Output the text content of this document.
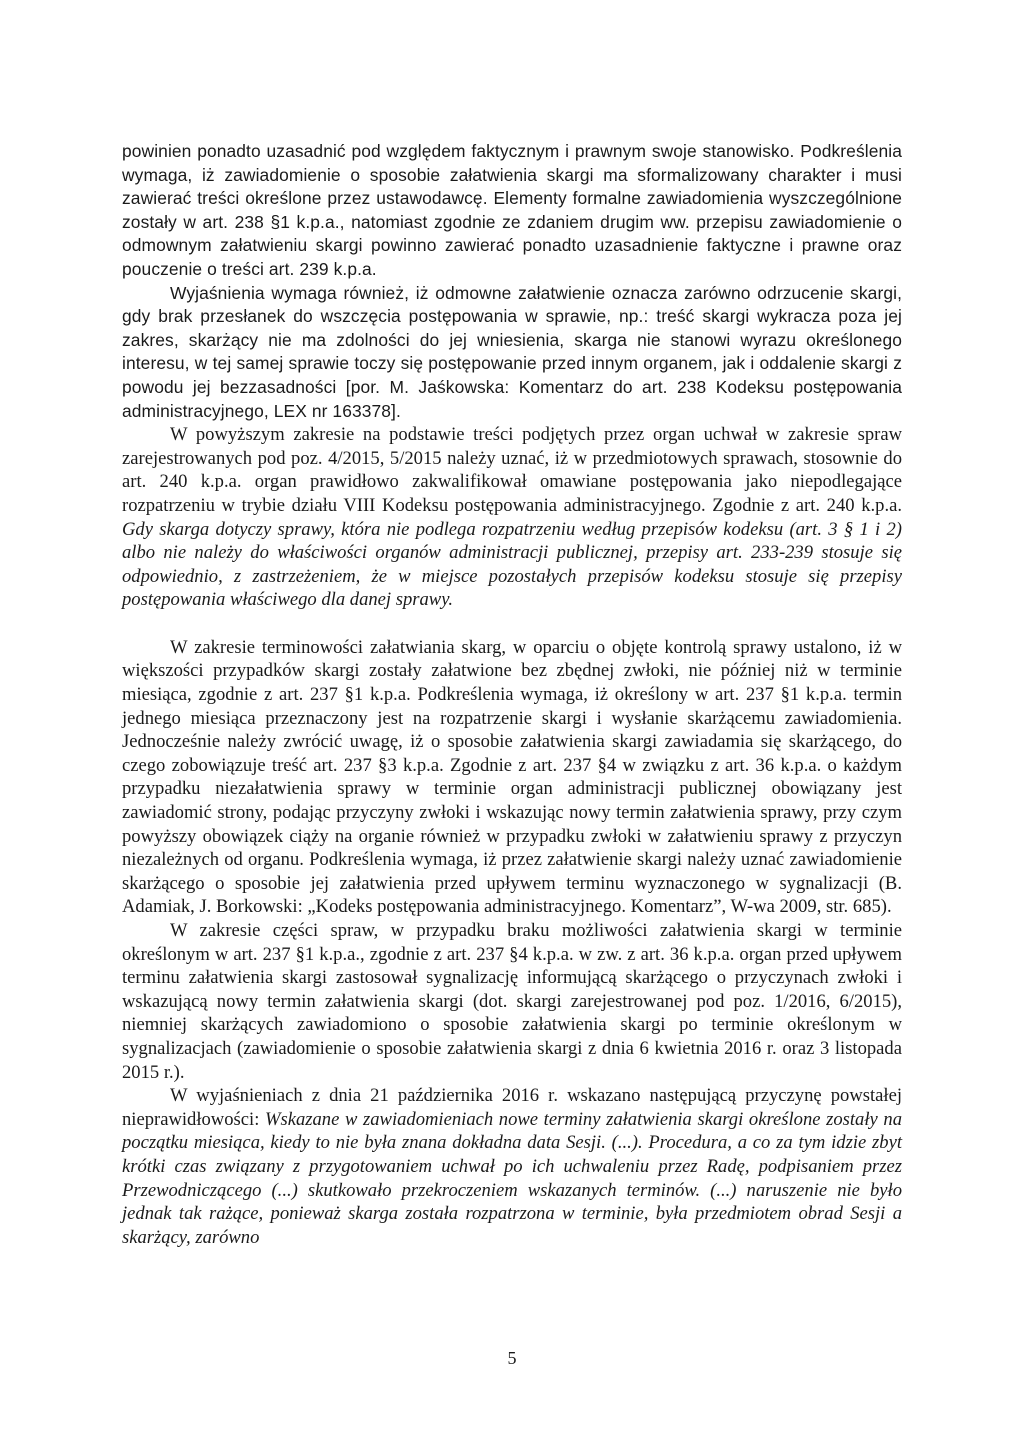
powinien ponadto uzasadnić pod względem faktycznym i prawnym swoje stanowisko. Podkreślenia wymaga, iż zawiadomienie o sposobie załatwienia skargi ma sformalizowany charakter i musi zawierać treści określone przez ustawodawcę. Elementy formalne zawiadomienia wyszczególnione zostały w art. 238 §1 k.p.a., natomiast zgodnie ze zdaniem drugim ww. przepisu zawiadomienie o odmownym załatwieniu skargi powinno zawierać ponadto uzasadnienie faktyczne i prawne oraz pouczenie o treści art. 239 k.p.a.

Wyjaśnienia wymaga również, iż odmowne załatwienie oznacza zarówno odrzucenie skargi, gdy brak przesłanek do wszczęcia postępowania w sprawie, np.: treść skargi wykracza poza jej zakres, skarżący nie ma zdolności do jej wniesienia, skarga nie stanowi wyrazu określonego interesu, w tej samej sprawie toczy się postępowanie przed innym organem, jak i oddalenie skargi z powodu jej bezzasadności [por. M. Jaśkowska: Komentarz do art. 238 Kodeksu postępowania administracyjnego, LEX nr 163378].

W powyższym zakresie na podstawie treści podjętych przez organ uchwał w zakresie spraw zarejestrowanych pod poz. 4/2015, 5/2015 należy uznać, iż w przedmiotowych sprawach, stosownie do art. 240 k.p.a. organ prawidłowo zakwalifikował omawiane postępowania jako niepodlegające rozpatrzeniu w trybie działu VIII Kodeksu postępowania administracyjnego. Zgodnie z art. 240 k.p.a. Gdy skarga dotyczy sprawy, która nie podlega rozpatrzeniu według przepisów kodeksu (art. 3 § 1 i 2) albo nie należy do właściwości organów administracji publicznej, przepisy art. 233-239 stosuje się odpowiednio, z zastrzeżeniem, że w miejsce pozostałych przepisów kodeksu stosuje się przepisy postępowania właściwego dla danej sprawy.

W zakresie terminowości załatwiania skarg, w oparciu o objęte kontrolą sprawy ustalono, iż w większości przypadków skargi zostały załatwione bez zbędnej zwłoki, nie później niż w terminie miesiąca, zgodnie z art. 237 §1 k.p.a. Podkreślenia wymaga, iż określony w art. 237 §1 k.p.a. termin jednego miesiąca przeznaczony jest na rozpatrzenie skargi i wysłanie skarżącemu zawiadomienia. Jednocześnie należy zwrócić uwagę, iż o sposobie załatwienia skargi zawiadamia się skarżącego, do czego zobowiązuje treść art. 237 §3 k.p.a. Zgodnie z art. 237 §4 w związku z art. 36 k.p.a. o każdym przypadku niezałatwienia sprawy w terminie organ administracji publicznej obowiązany jest zawiadomić strony, podając przyczyny zwłoki i wskazując nowy termin załatwienia sprawy, przy czym powyższy obowiązek ciąży na organie również w przypadku zwłoki w załatwieniu sprawy z przyczyn niezależnych od organu. Podkreślenia wymaga, iż przez załatwienie skargi należy uznać zawiadomienie skarżącego o sposobie jej załatwienia przed upływem terminu wyznaczonego w sygnalizacji (B. Adamiak, J. Borkowski: „Kodeks postępowania administracyjnego. Komentarz”, W-wa 2009, str. 685).

W zakresie części spraw, w przypadku braku możliwości załatwienia skargi w terminie określonym w art. 237 §1 k.p.a., zgodnie z art. 237 §4 k.p.a. w zw. z art. 36 k.p.a. organ przed upływem terminu załatwienia skargi zastosował sygnalizację informującą skarżącego o przyczynach zwłoki i wskazującą nowy termin załatwienia skargi (dot. skargi zarejestrowanej pod poz. 1/2016, 6/2015), niemniej skarżących zawiadomiono o sposobie załatwienia skargi po terminie określonym w sygnalizacjach (zawiadomienie o sposobie załatwienia skargi z dnia 6 kwietnia 2016 r. oraz 3 listopada 2015 r.).

W wyjaśnieniach z dnia 21 października 2016 r. wskazano następującą przyczynę powstałej nieprawidłowości: Wskazane w zawiadomieniach nowe terminy załatwienia skargi określone zostały na początku miesiąca, kiedy to nie była znana dokładna data Sesji. (...). Procedura, a co za tym idzie zbyt krótki czas związany z przygotowaniem uchwał po ich uchwaleniu przez Radę, podpisaniem przez Przewodniczącego (...) skutkowało przekroczeniem wskazanych terminów. (...) naruszenie nie było jednak tak rażące, ponieważ skarga została rozpatrzona w terminie, była przedmiotem obrad Sesji a skarżący, zarówno

5
